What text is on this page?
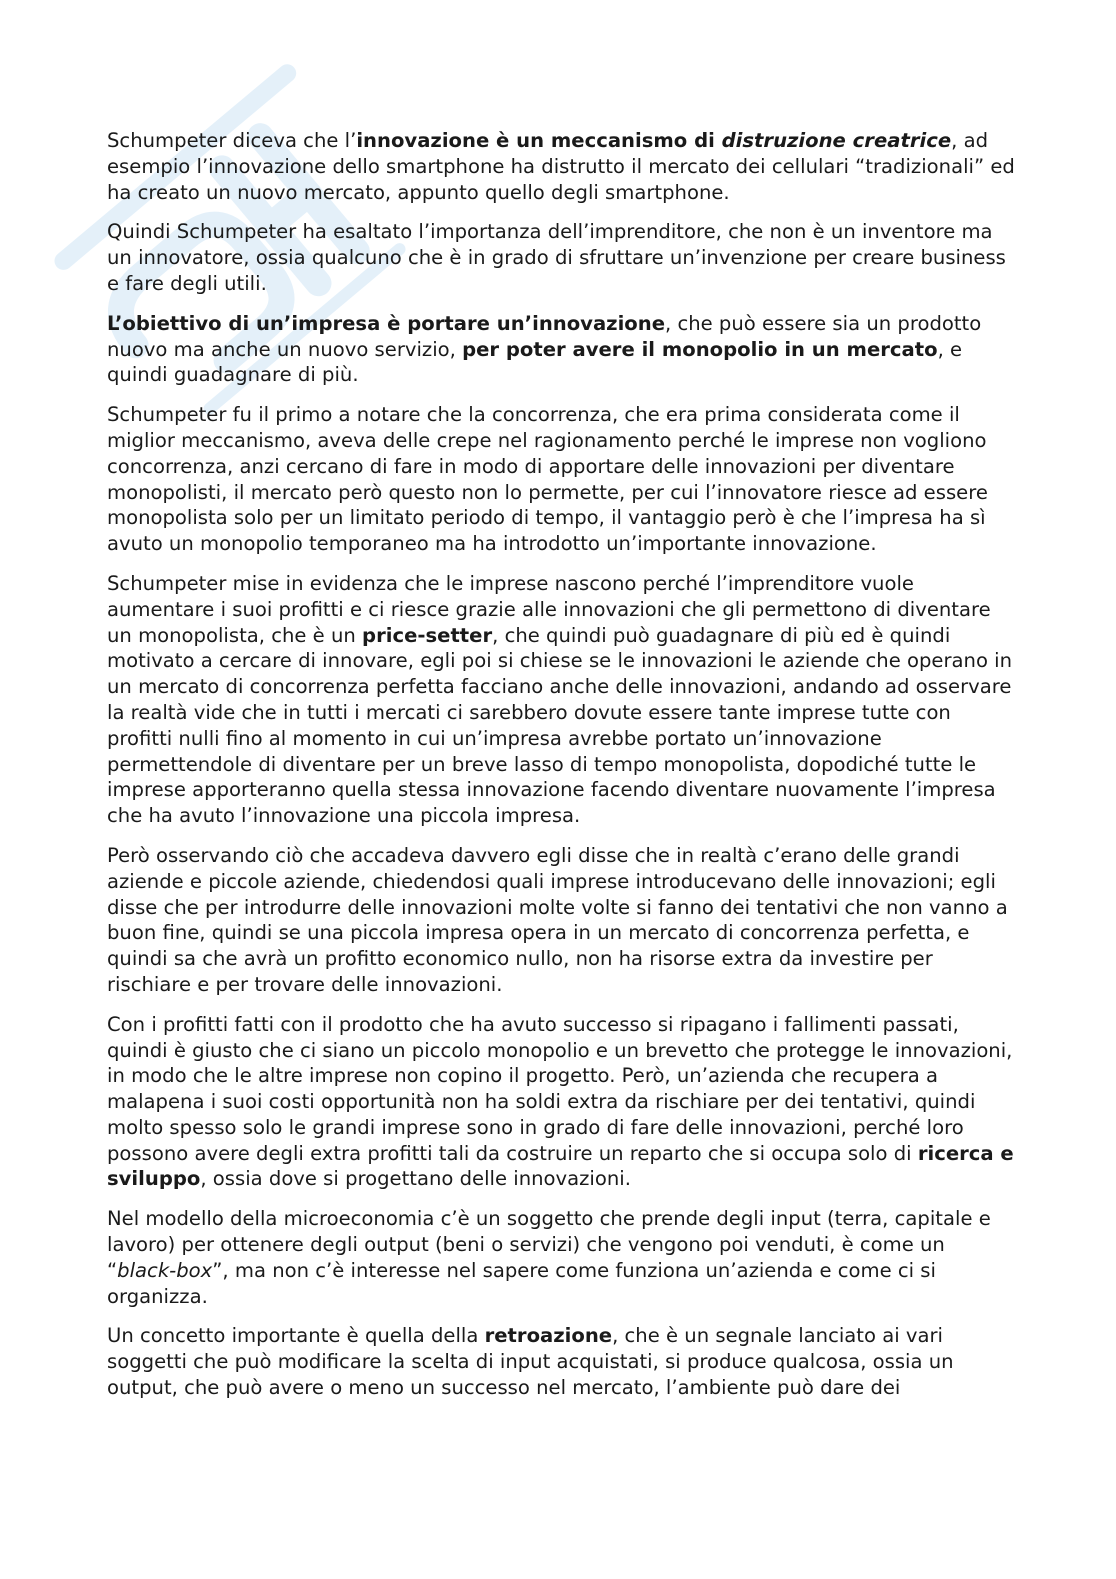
Schumpeter diceva che l’innovazione è un meccanismo di distruzione creatrice, ad esempio l’innovazione dello smartphone ha distrutto il mercato dei cellulari “tradizionali” ed ha creato un nuovo mercato, appunto quello degli smartphone.

Quindi Schumpeter ha esaltato l’importanza dell’imprenditore, che non è un inventore ma un innovatore, ossia qualcuno che è in grado di sfruttare un’invenzione per creare business e fare degli utili.

L’obiettivo di un’impresa è portare un’innovazione, che può essere sia un prodotto nuovo ma anche un nuovo servizio, per poter avere il monopolio in un mercato, e quindi guadagnare di più.

Schumpeter fu il primo a notare che la concorrenza, che era prima considerata come il miglior meccanismo, aveva delle crepe nel ragionamento perché le imprese non vogliono concorrenza, anzi cercano di fare in modo di apportare delle innovazioni per diventare monopolisti, il mercato però questo non lo permette, per cui l’innovatore riesce ad essere monopolista solo per un limitato periodo di tempo, il vantaggio però è che l’impresa ha sì avuto un monopolio temporaneo ma ha introdotto un’importante innovazione.

Schumpeter mise in evidenza che le imprese nascono perché l’imprenditore vuole aumentare i suoi profitti e ci riesce grazie alle innovazioni che gli permettono di diventare un monopolista, che è un price-setter, che quindi può guadagnare di più ed è quindi motivato a cercare di innovare, egli poi si chiese se le innovazioni le aziende che operano in un mercato di concorrenza perfetta facciano anche delle innovazioni, andando ad osservare la realtà vide che in tutti i mercati ci sarebbero dovute essere tante imprese tutte con profitti nulli fino al momento in cui un’impresa avrebbe portato un’innovazione permettendole di diventare per un breve lasso di tempo monopolista, dopodiché tutte le imprese apporteranno quella stessa innovazione facendo diventare nuovamente l’impresa che ha avuto l’innovazione una piccola impresa.

Però osservando ciò che accadeva davvero egli disse che in realtà c’erano delle grandi aziende e piccole aziende, chiedendosi quali imprese introducevano delle innovazioni; egli disse che per introdurre delle innovazioni molte volte si fanno dei tentativi che non vanno a buon fine, quindi se una piccola impresa opera in un mercato di concorrenza perfetta, e quindi sa che avrà un profitto economico nullo, non ha risorse extra da investire per rischiare e per trovare delle innovazioni.

Con i profitti fatti con il prodotto che ha avuto successo si ripagano i fallimenti passati, quindi è giusto che ci siano un piccolo monopolio e un brevetto che protegge le innovazioni, in modo che le altre imprese non copino il progetto. Però, un’azienda che recupera a malapena i suoi costi opportunità non ha soldi extra da rischiare per dei tentativi, quindi molto spesso solo le grandi imprese sono in grado di fare delle innovazioni, perché loro possono avere degli extra profitti tali da costruire un reparto che si occupa solo di ricerca e sviluppo, ossia dove si progettano delle innovazioni.

Nel modello della microeconomia c’è un soggetto che prende degli input (terra, capitale e lavoro) per ottenere degli output (beni o servizi) che vengono poi venduti, è come un “black-box”, ma non c’è interesse nel sapere come funziona un’azienda e come ci si organizza.

Un concetto importante è quella della retroazione, che è un segnale lanciato ai vari soggetti che può modificare la scelta di input acquistati, si produce qualcosa, ossia un output, che può avere o meno un successo nel mercato, l’ambiente può dare dei
